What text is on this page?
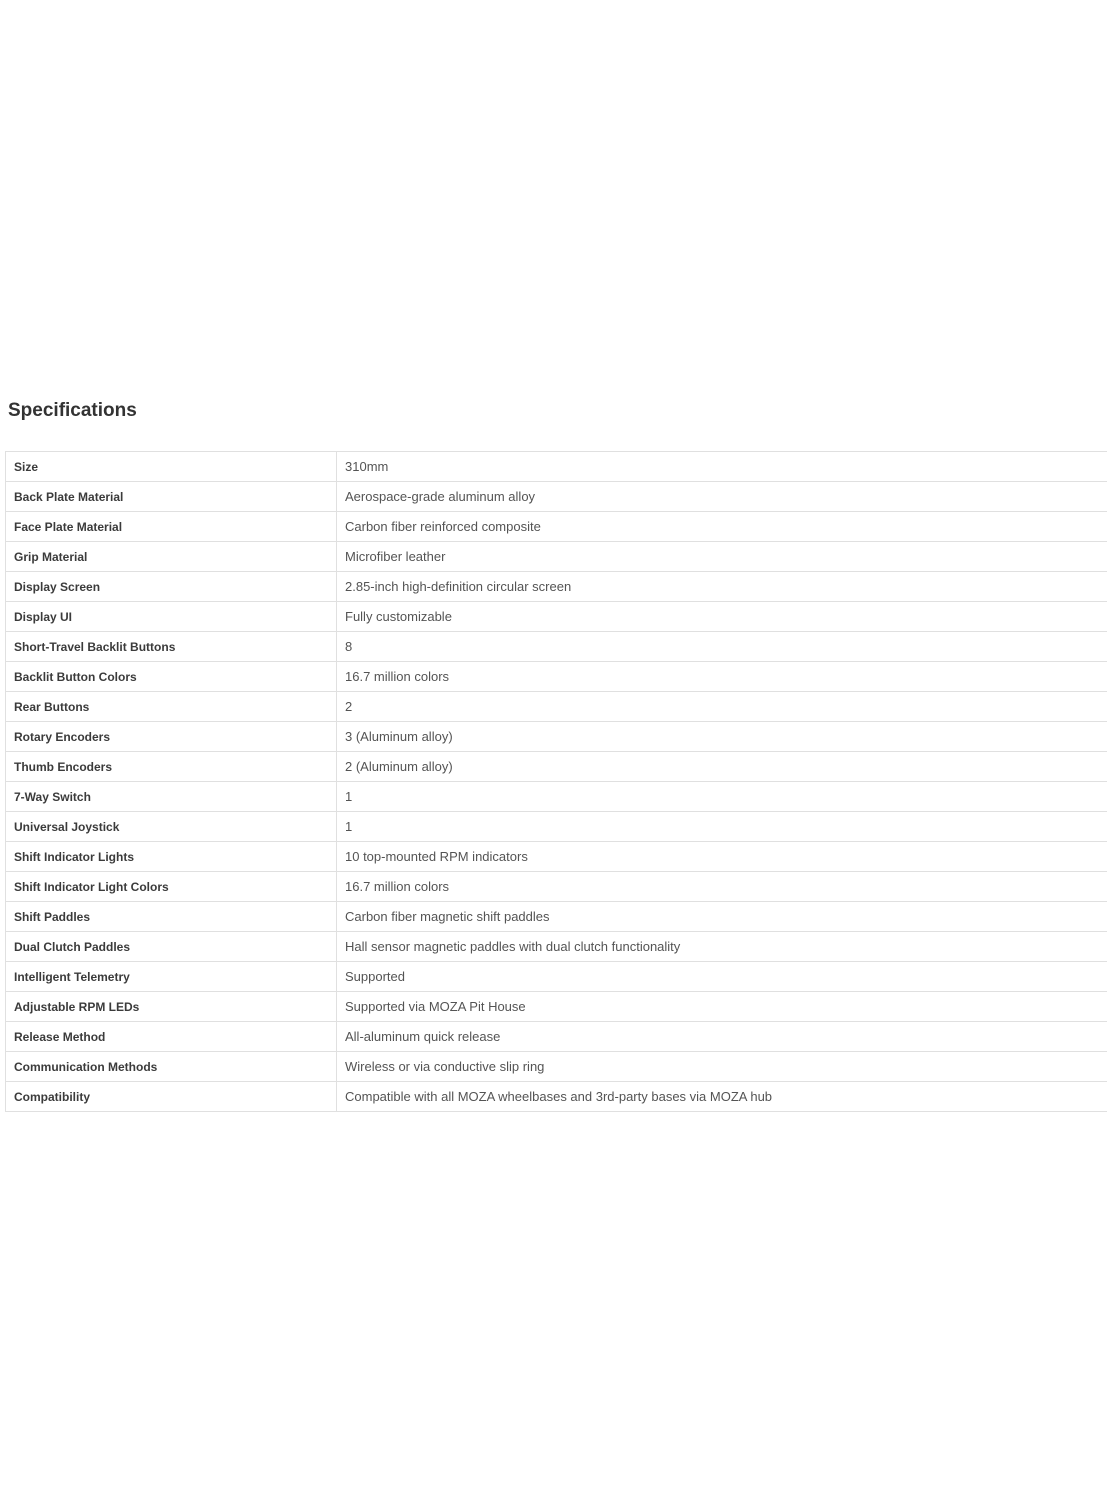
Specifications
Size	310mm
Back Plate Material	Aerospace-grade aluminum alloy
Face Plate Material	Carbon fiber reinforced composite
Grip Material	Microfiber leather
Display Screen	2.85-inch high-definition circular screen
Display UI	Fully customizable
Short-Travel Backlit Buttons	8
Backlit Button Colors	16.7 million colors
Rear Buttons	2
Rotary Encoders	3 (Aluminum alloy)
Thumb Encoders	2 (Aluminum alloy)
7-Way Switch	1
Universal Joystick	1
Shift Indicator Lights	10 top-mounted RPM indicators
Shift Indicator Light Colors	16.7 million colors
Shift Paddles	Carbon fiber magnetic shift paddles
Dual Clutch Paddles	Hall sensor magnetic paddles with dual clutch functionality
Intelligent Telemetry	Supported
Adjustable RPM LEDs	Supported via MOZA Pit House
Release Method	All-aluminum quick release
Communication Methods	Wireless or via conductive slip ring
Compatibility	Compatible with all MOZA wheelbases and 3rd-party bases via MOZA hub
